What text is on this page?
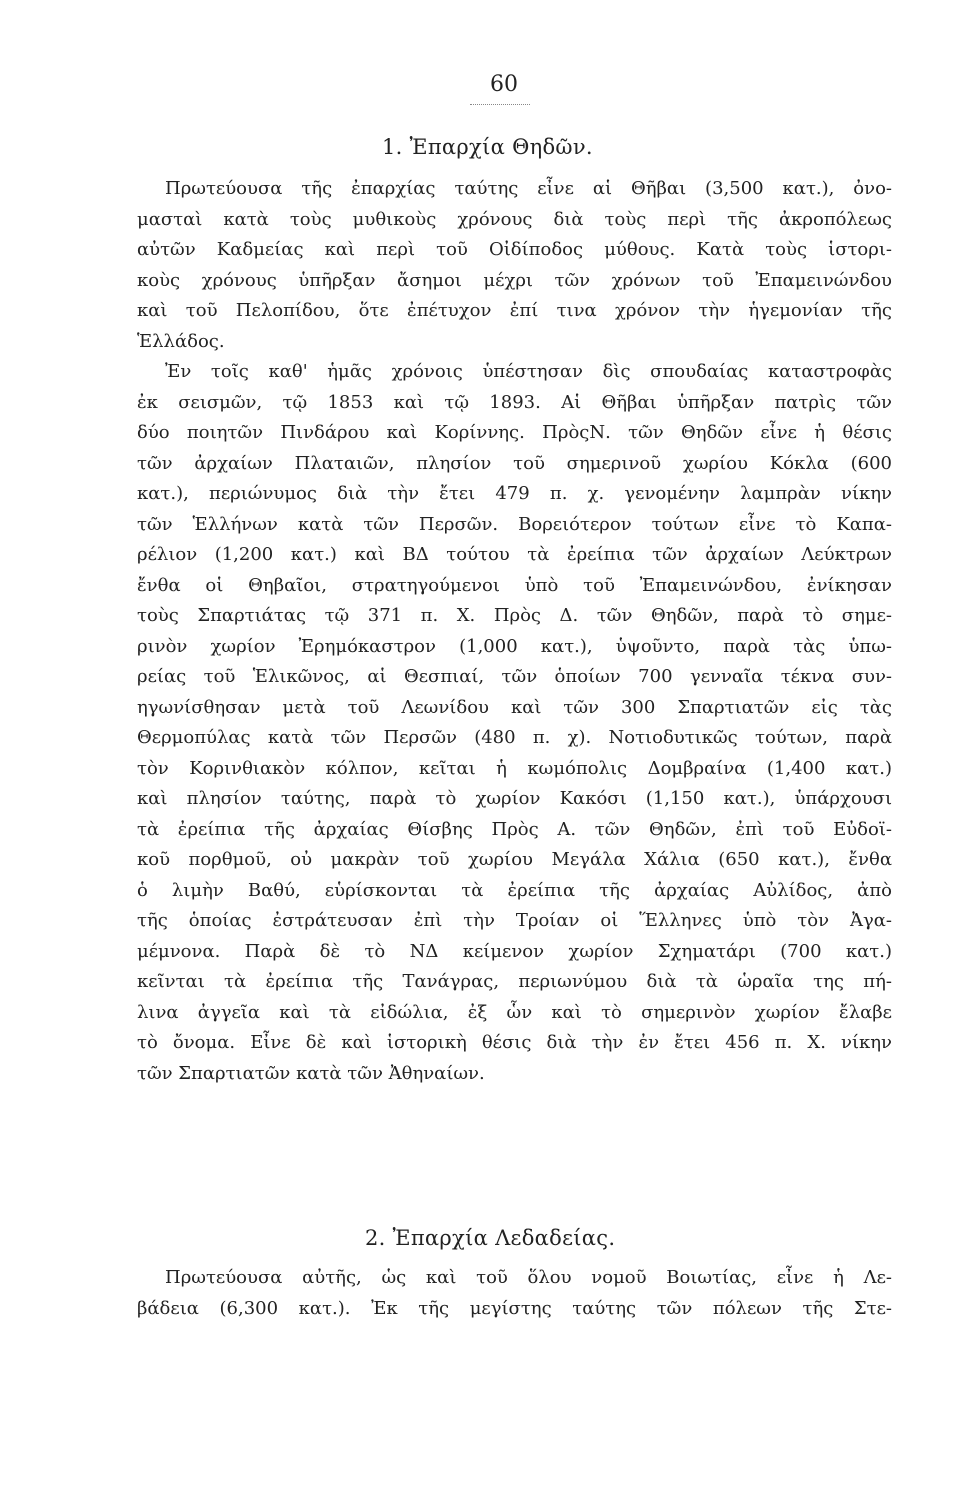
60
1. Ἐπαρχία Θηδῶν.
Πρωτεύουσα τῆς ἐπαρχίας ταύτης εἶνε αἱ Θῆβαι (3,500 κατ.), ὀνο-
μασταὶ κατὰ τοὺς μυθικοὺς χρόνους διὰ τοὺς περὶ τῆς ἀκροπόλεως
αὐτῶν Καδμείας καὶ περὶ τοῦ Οἰδίποδος μύθους. Κατὰ τοὺς ἱστορι-
κοὺς χρόνους ὑπῆρξαν ἄσημοι μέχρι τῶν χρόνων τοῦ Ἐπαμεινώνδου
καὶ τοῦ Πελοπίδου, ὅτε ἐπέτυχον ἐπί τινα χρόνον τὴν ἡγεμονίαν τῆς
Ἑλλάδος.
Ἐν τοῖς καθ' ἡμᾶς χρόνοις ὑπέστησαν δὶς σπουδαίας καταστροφὰς
ἐκ σεισμῶν, τῷ 1853 καὶ τῷ 1893. Αἱ Θῆβαι ὑπῆρξαν πατρὶς τῶν
δύο ποιητῶν Πινδάρου καὶ Κορίννης. ΠρὸςΝ. τῶν Θηδῶν εἶνε ἡ θέσις
τῶν ἀρχαίων Πλαταιῶν, πλησίον τοῦ σημερινοῦ χωρίου Κόκλα (600
κατ.), περιώνυμος διὰ τὴν ἔτει 479 π. χ. γενομένην λαμπρὰν νίκην
τῶν Ἑλλήνων κατὰ τῶν Περσῶν. Βορειότερον τούτων εἶνε τὸ Καπα-
ρέλιον (1,200 κατ.) καὶ ΒΔ τούτου τὰ ἐρείπια τῶν ἀρχαίων Λεύκτρων
ἔνθα οἱ Θηβαῖοι, στρατηγούμενοι ὑπὸ τοῦ Ἐπαμεινώνδου, ἐνίκησαν
τοὺς Σπαρτιάτας τῷ 371 π. Χ. Πρὸς Δ. τῶν Θηδῶν, παρὰ τὸ σημε-
ρινὸν χωρίον Ἐρημόκαστρον (1,000 κατ.), ὑψοῦντο, παρὰ τὰς ὑπω-
ρείας τοῦ Ἑλικῶνος, αἱ Θεσπιαί, τῶν ὁποίων 700 γενναῖα τέκνα συν-
ηγωνίσθησαν μετὰ τοῦ Λεωνίδου καὶ τῶν 300 Σπαρτιατῶν εἰς τὰς
Θερμοπύλας κατὰ τῶν Περσῶν (480 π. χ). Νοτιοδυτικῶς τούτων, παρὰ
τὸν Κορινθιακὸν κόλπον, κεῖται ἡ κωμόπολις Δομβραίνα (1,400 κατ.)
καὶ πλησίον ταύτης, παρὰ τὸ χωρίον Κακόσι (1,150 κατ.), ὑπάρχουσι
τὰ ἐρείπια τῆς ἀρχαίας Θίσβης Πρὸς Α. τῶν Θηδῶν, ἐπὶ τοῦ Εὐδοϊ-
κοῦ πορθμοῦ, οὐ μακρὰν τοῦ χωρίου Μεγάλα Χάλια (650 κατ.), ἔνθα
ὁ λιμὴν Βαθύ, εὑρίσκονται τὰ ἐρείπια τῆς ἀρχαίας Αὐλίδος, ἀπὸ
τῆς ὁποίας ἐστράτευσαν ἐπὶ τὴν Τροίαν οἱ Ἕλληνες ὑπὸ τὸν Ἀγα-
μέμνονα. Παρὰ δὲ τὸ ΝΔ κείμενον χωρίον Σχηματάρι (700 κατ.)
κεῖνται τὰ ἐρείπια τῆς Τανάγρας, περιωνύμου διὰ τὰ ὡραῖα της πή-
λινα ἀγγεῖα καὶ τὰ εἰδώλια, ἐξ ὧν καὶ τὸ σημερινὸν χωρίον ἔλαβε
τὸ ὄνομα. Εἶνε δὲ καὶ ἱστορικὴ θέσις διὰ τὴν ἐν ἔτει 456 π. Χ. νίκην
τῶν Σπαρτιατῶν κατὰ τῶν Ἀθηναίων.
2. Ἐπαρχία Λεδαδείας.
Πρωτεύουσα αὐτῆς, ὡς καὶ τοῦ ὅλου νομοῦ Βοιωτίας, εἶνε ἡ Λε-
βάδεια (6,300 κατ.). Ἐκ τῆς μεγίστης ταύτης τῶν πόλεων τῆς Στε-
